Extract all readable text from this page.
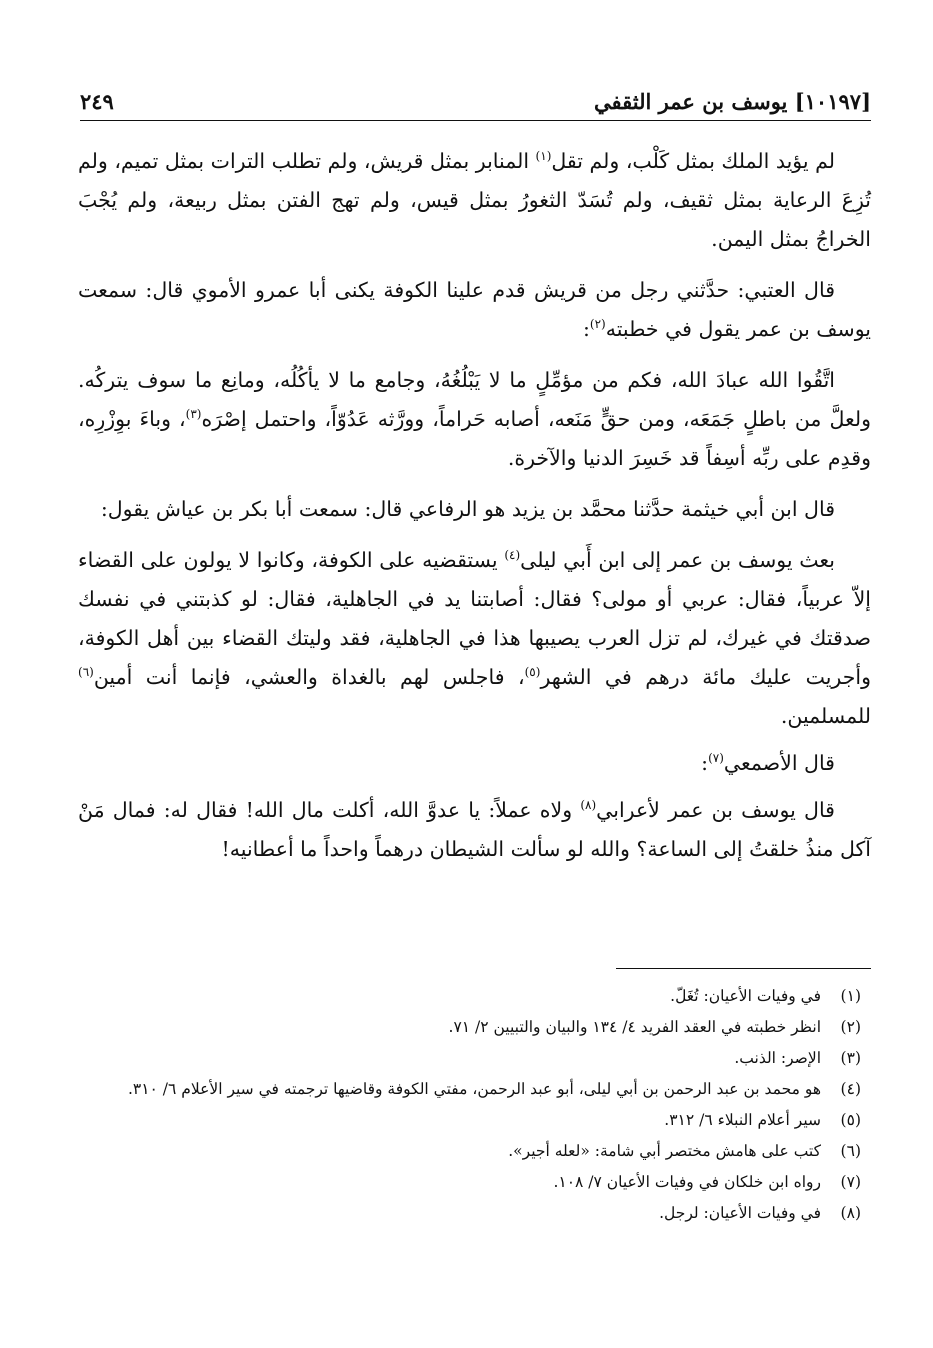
[١٠١٩٧] يوسف بن عمر الثقفي
٢٤٩

لم يؤيد الملك بمثل كَلْب، ولم تقل$^{(١)}$ المنابر بمثل قريش، ولم تطلب الترات بمثل تميم، ولم تُزِعَ الرعاية بمثل ثقيف، ولم تُسَدّ الثغورُ بمثل قيس، ولم تهج الفتن بمثل ربيعة، ولم يُجْبَ الخراجُ بمثل اليمن.

قال العتبي: حدَّثني رجل من قريش قدم علينا الكوفة يكنى أبا عمرو الأموي قال: سمعت يوسف بن عمر يقول في خطبته$^{(٢)}$:

اتَّقُوا الله عبادَ الله، فكم من مؤمِّلٍ ما لا يَبْلُغُهُ، وجامع ما لا يأكُلُه، ومانِع ما سوف يتركُه. ولعلَّ من باطلٍ جَمَعَه، ومن حقٍّ مَنَعه، أصابه حَراماً، وورَّثه عَدُوّاً، واحتمل إصْرَه$^{(٣)}$، وباءَ بوِزْرِه، وقدِم على ربِّه أسِفاً قد خَسِرَ الدنيا والآخرة.

قال ابن أبي خيثمة حدَّثنا محمَّد بن يزيد هو الرفاعي قال: سمعت أبا بكر بن عياش يقول:

بعث يوسف بن عمر إلى ابن أَبي ليلى$^{(٤)}$ يستقضيه على الكوفة، وكانوا لا يولون على القضاء إلاّ عربياً، فقال: عربي أو مولى؟ فقال: أصابتنا يد في الجاهلية، فقال: لو كذبتني في نفسك صدقتك في غيرك، لم تزل العرب يصيبها هذا في الجاهلية، فقد وليتك القضاء بين أهل الكوفة، وأجريت عليك مائة درهم في الشهر$^{(٥)}$، فاجلس لهم بالغداة والعشي، فإنما أنت أمين$^{(٦)}$ للمسلمين.

قال الأصمعي$^{(٧)}$:

قال يوسف بن عمر لأعرابي$^{(٨)}$ ولاه عملاً: يا عدوَّ الله، أكلت مال الله! فقال له: فمال مَنْ آكل منذُ خلقتُ إلى الساعة؟ والله لو سألت الشيطان درهماً واحداً ما أعطانيه!

(١)
في وفيات الأعيان: تُغَلّ.
(٢)
انظر خطبته في العقد الفريد ٤/ ١٣٤ والبيان والتبيين ٢/ ٧١.
(٣)
الإصر: الذنب.
(٤)
هو محمد بن عبد الرحمن بن أبي ليلى، أبو عبد الرحمن، مفتي الكوفة وقاضيها ترجمته في سير الأعلام ٦/ ٣١٠.
(٥)
سير أعلام النبلاء ٦/ ٣١٢.
(٦)
كتب على هامش مختصر أبي شامة: «لعله أجير».
(٧)
رواه ابن خلكان في وفيات الأعيان ٧/ ١٠٨.
(٨)
في وفيات الأعيان: لرجل.
